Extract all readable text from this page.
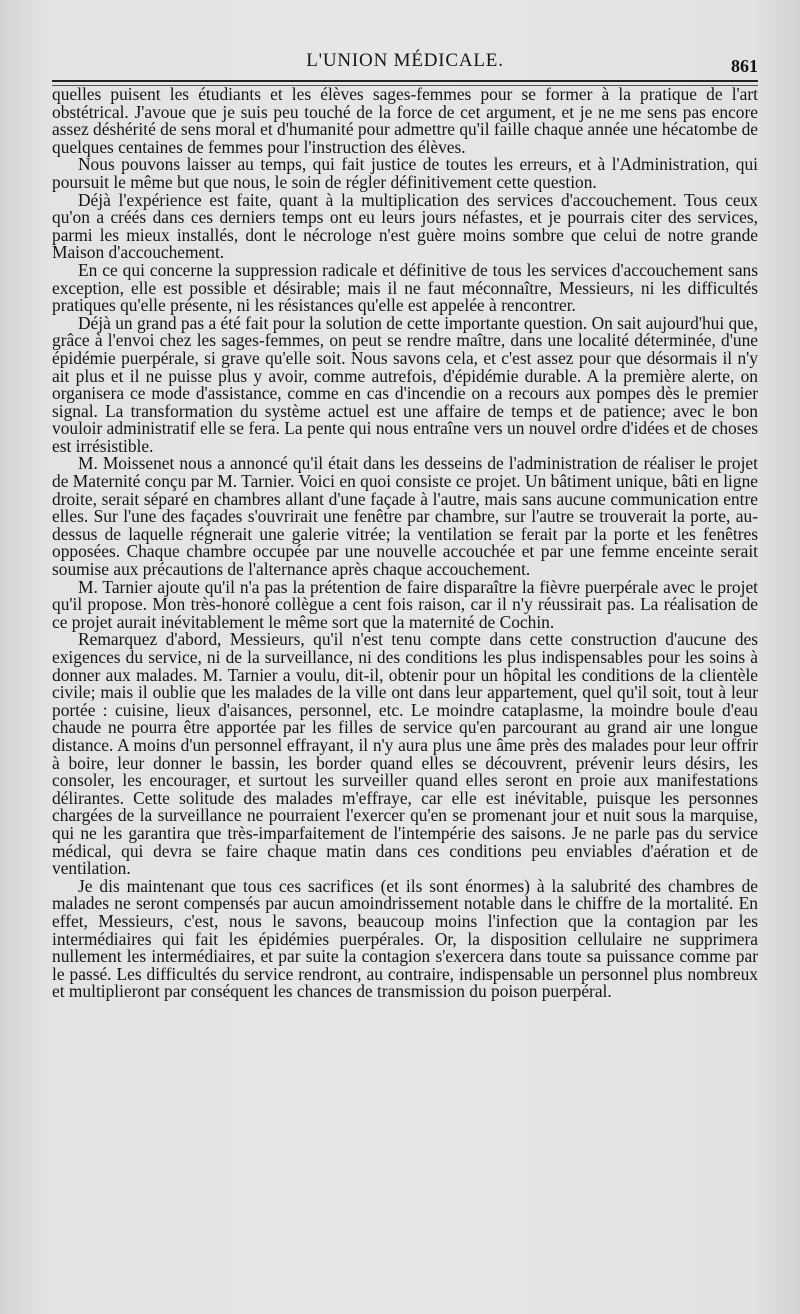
L'UNION MÉDICALE.	861

quelles puisent les étudiants et les élèves sages-femmes pour se former à la pratique de l'art obstétrical. J'avoue que je suis peu touché de la force de cet argument, et je ne me sens pas encore assez déshérité de sens moral et d'humanité pour admettre qu'il faille chaque année une hécatombe de quelques centaines de femmes pour l'instruction des élèves.

Nous pouvons laisser au temps, qui fait justice de toutes les erreurs, et à l'Administration, qui poursuit le même but que nous, le soin de régler définitivement cette question.

Déjà l'expérience est faite, quant à la multiplication des services d'accouchement. Tous ceux qu'on a créés dans ces derniers temps ont eu leurs jours néfastes, et je pourrais citer des services, parmi les mieux installés, dont le nécrologe n'est guère moins sombre que celui de notre grande Maison d'accouchement.

En ce qui concerne la suppression radicale et définitive de tous les services d'accouchement sans exception, elle est possible et désirable; mais il ne faut méconnaître, Messieurs, ni les difficultés pratiques qu'elle présente, ni les résistances qu'elle est appelée à rencontrer.

Déjà un grand pas a été fait pour la solution de cette importante question. On sait aujourd'hui que, grâce à l'envoi chez les sages-femmes, on peut se rendre maître, dans une localité déterminée, d'une épidémie puerpérale, si grave qu'elle soit. Nous savons cela, et c'est assez pour que désormais il n'y ait plus et il ne puisse plus y avoir, comme autrefois, d'épidémie durable. A la première alerte, on organisera ce mode d'assistance, comme en cas d'incendie on a recours aux pompes dès le premier signal. La transformation du système actuel est une affaire de temps et de patience; avec le bon vouloir administratif elle se fera. La pente qui nous entraîne vers un nouvel ordre d'idées et de choses est irrésistible.

M. Moissenet nous a annoncé qu'il était dans les desseins de l'administration de réaliser le projet de Maternité conçu par M. Tarnier. Voici en quoi consiste ce projet. Un bâtiment unique, bâti en ligne droite, serait séparé en chambres allant d'une façade à l'autre, mais sans aucune communication entre elles. Sur l'une des façades s'ouvrirait une fenêtre par chambre, sur l'autre se trouverait la porte, au-dessus de laquelle régnerait une galerie vitrée; la ventilation se ferait par la porte et les fenêtres opposées. Chaque chambre occupée par une nouvelle accouchée et par une femme enceinte serait soumise aux précautions de l'alternance après chaque accouchement.

M. Tarnier ajoute qu'il n'a pas la prétention de faire disparaître la fièvre puerpérale avec le projet qu'il propose. Mon très-honoré collègue a cent fois raison, car il n'y réussirait pas. La réalisation de ce projet aurait inévitablement le même sort que la maternité de Cochin.

Remarquez d'abord, Messieurs, qu'il n'est tenu compte dans cette construction d'aucune des exigences du service, ni de la surveillance, ni des conditions les plus indispensables pour les soins à donner aux malades. M. Tarnier a voulu, dit-il, obtenir pour un hôpital les conditions de la clientèle civile; mais il oublie que les malades de la ville ont dans leur appartement, quel qu'il soit, tout à leur portée : cuisine, lieux d'aisances, personnel, etc. Le moindre cataplasme, la moindre boule d'eau chaude ne pourra être apportée par les filles de service qu'en parcourant au grand air une longue distance. A moins d'un personnel effrayant, il n'y aura plus une âme près des malades pour leur offrir à boire, leur donner le bassin, les border quand elles se découvrent, prévenir leurs désirs, les consoler, les encourager, et surtout les surveiller quand elles seront en proie aux manifestations délirantes. Cette solitude des malades m'effraye, car elle est inévitable, puisque les personnes chargées de la surveillance ne pourraient l'exercer qu'en se promenant jour et nuit sous la marquise, qui ne les garantira que très-imparfaitement de l'intempérie des saisons. Je ne parle pas du service médical, qui devra se faire chaque matin dans ces conditions peu enviables d'aération et de ventilation.

Je dis maintenant que tous ces sacrifices (et ils sont énormes) à la salubrité des chambres de malades ne seront compensés par aucun amoindrissement notable dans le chiffre de la mortalité. En effet, Messieurs, c'est, nous le savons, beaucoup moins l'infection que la contagion par les intermédiaires qui fait les épidémies puerpérales. Or, la disposition cellulaire ne supprimera nullement les intermédiaires, et par suite la contagion s'exercera dans toute sa puissance comme par le passé. Les difficultés du service rendront, au contraire, indispensable un personnel plus nombreux et multiplieront par conséquent les chances de transmission du poison puerpéral.
